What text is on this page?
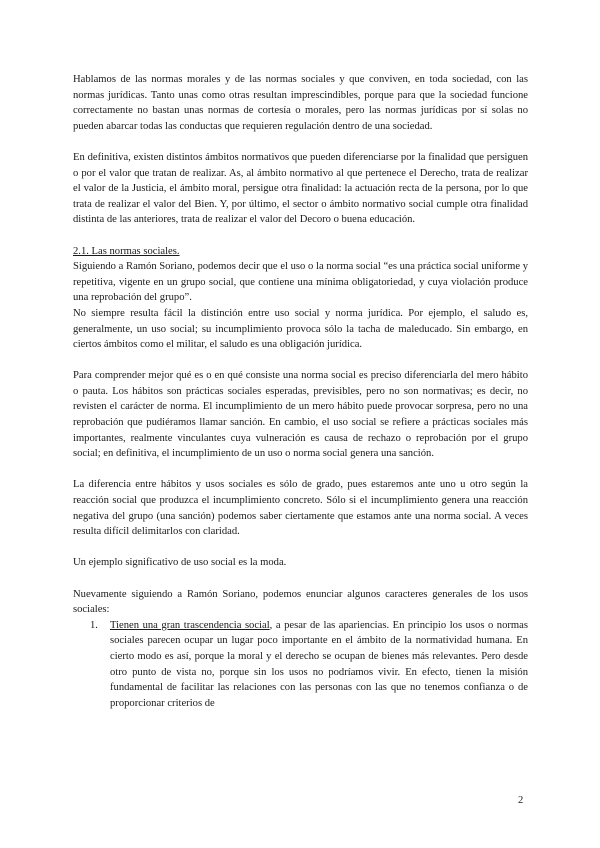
Hablamos de las normas morales y de las normas sociales y que conviven, en toda sociedad, con las normas jurídicas. Tanto unas como otras resultan imprescindibles, porque para que la sociedad funcione correctamente no bastan unas normas de cortesía o morales, pero las normas jurídicas por sí solas no pueden abarcar todas las conductas que requieren regulación dentro de una sociedad.

En definitiva, existen distintos ámbitos normativos que pueden diferenciarse por la finalidad que persiguen o por el valor que tratan de realizar. As, al ámbito normativo al que pertenece el Derecho, trata de realizar el valor de la Justicia, el ámbito moral, persigue otra finalidad: la actuación recta de la persona, por lo que trata de realizar el valor del Bien. Y, por último, el sector o ámbito normativo social cumple otra finalidad distinta de las anteriores, trata de realizar el valor del Decoro o buena educación.

2.1. Las normas sociales.

Siguiendo a Ramón Soriano, podemos decir que el uso o la norma social “es una práctica social uniforme y repetitiva, vigente en un grupo social, que contiene una mínima obligatoriedad, y cuya violación produce una reprobación del grupo”.

No siempre resulta fácil la distinción entre uso social y norma jurídica. Por ejemplo, el saludo es, generalmente, un uso social; su incumplimiento provoca sólo la tacha de maleducado. Sin embargo, en ciertos ámbitos como el militar, el saludo es una obligación jurídica.

Para comprender mejor qué es o en qué consiste una norma social es preciso diferenciarla del mero hábito o pauta. Los hábitos son prácticas sociales esperadas, previsibles, pero no son normativas; es decir, no revisten el carácter de norma. El incumplimiento de un mero hábito puede provocar sorpresa, pero no una reprobación que pudiéramos llamar sanción. En cambio, el uso social se refiere a prácticas sociales más importantes, realmente vinculantes cuya vulneración es causa de rechazo o reprobación por el grupo social; en definitiva, el incumplimiento de un uso o norma social genera una sanción.

La diferencia entre hábitos y usos sociales es sólo de grado, pues estaremos ante uno u otro según la reacción social que produzca el incumplimiento concreto. Sólo si el incumplimiento genera una reacción negativa del grupo (una sanción) podemos saber ciertamente que estamos ante una norma social. A veces resulta difícil delimitarlos con claridad.

Un ejemplo significativo de uso social es la moda.

Nuevamente siguiendo a Ramón Soriano, podemos enunciar algunos caracteres generales de los usos sociales:

1.	Tienen una gran trascendencia social, a pesar de las apariencias. En principio los usos o normas sociales parecen ocupar un lugar poco importante en el ámbito de la normatividad humana. En cierto modo es así, porque la moral y el derecho se ocupan de bienes más relevantes. Pero desde otro punto de vista no, porque sin los usos no podríamos vivir. En efecto, tienen la misión fundamental de facilitar las relaciones con las personas con las que no tenemos confianza o de proporcionar criterios de
2
